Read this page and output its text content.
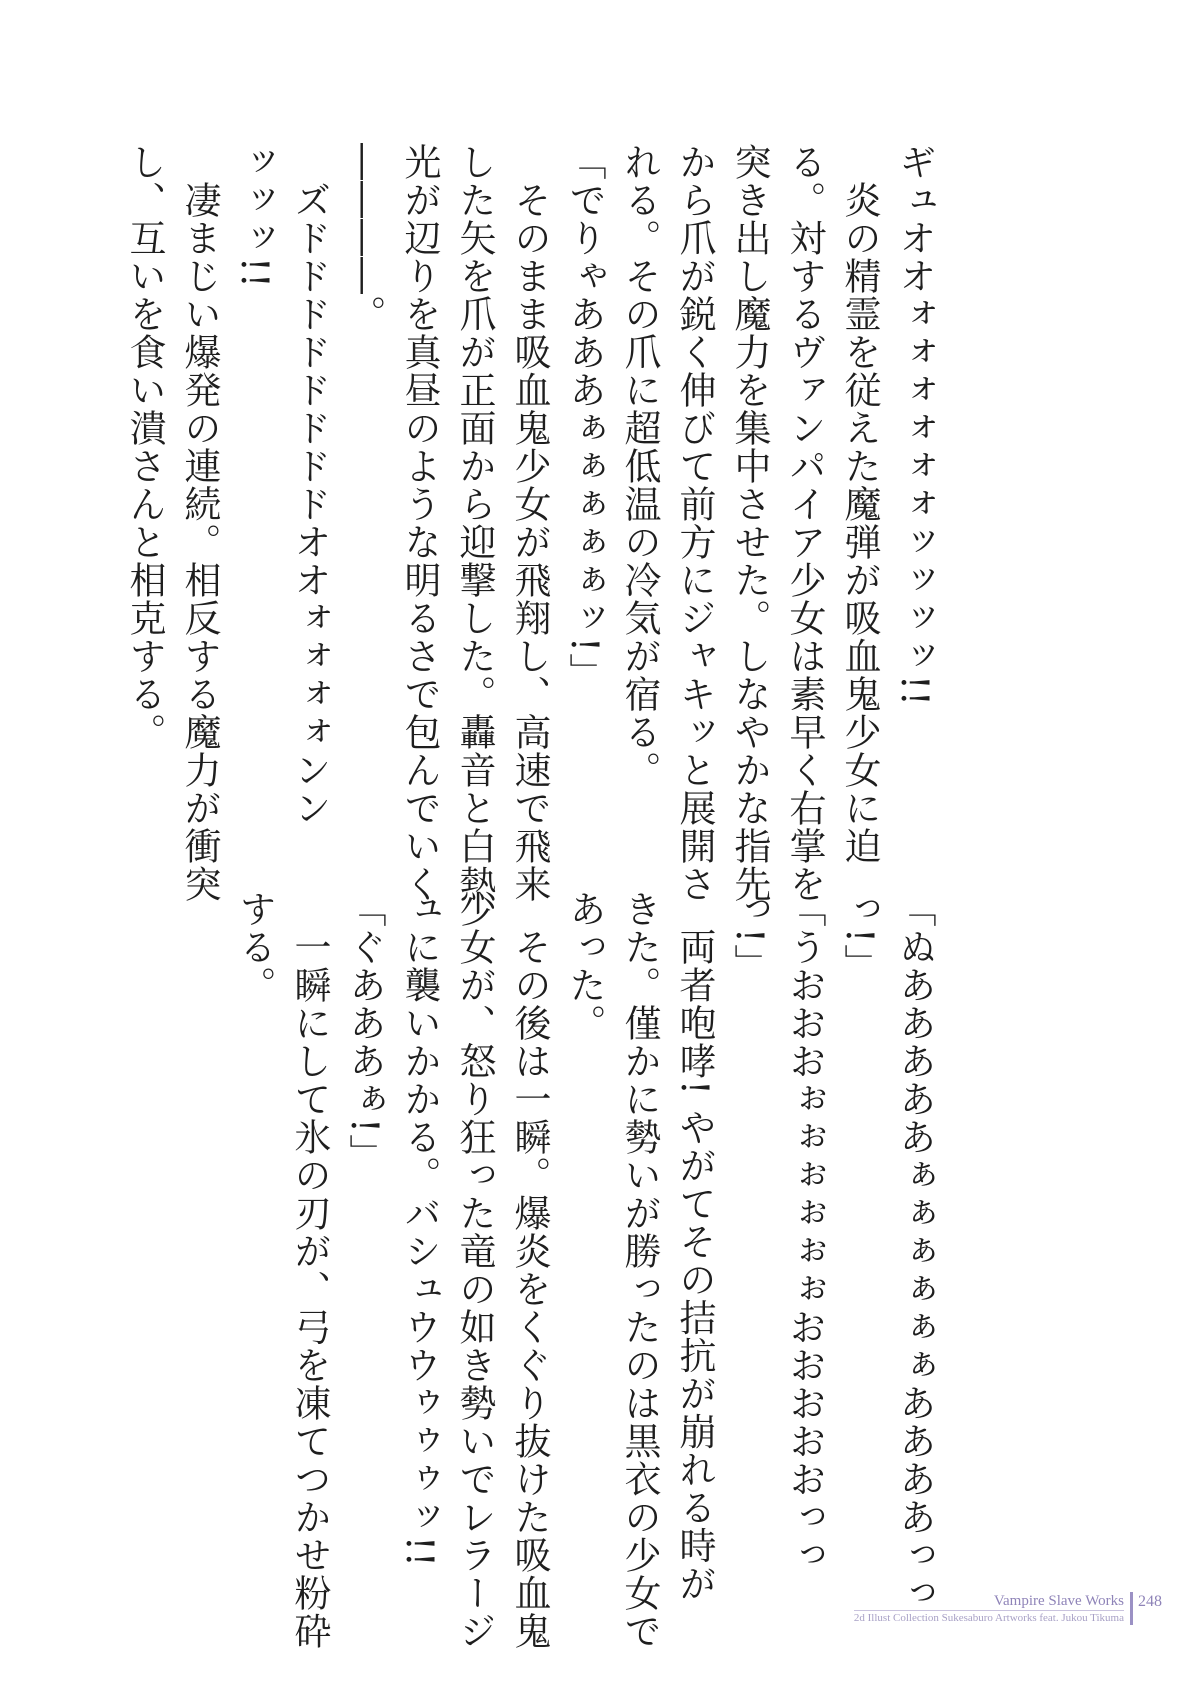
ギュオオォォォォォォッッッッ!!
　炎の精霊を従えた魔弾が吸血鬼少女に迫
る。対するヴァンパイア少女は素早く右掌を
突き出し魔力を集中させた。しなやかな指先
から爪が鋭く伸びて前方にジャキッと展開さ
れる。その爪に超低温の冷気が宿る。
「でりゃあああぁぁぁぁぁッ!」
　そのまま吸血鬼少女が飛翔し、高速で飛来
した矢を爪が正面から迎撃した。轟音と白熱
光が辺りを真昼のような明るさで包んでいく
――――。
　ズドドドドドドドドオオォォォォンン
ッッッ!!
　凄まじい爆発の連続。相反する魔力が衝突
し、互いを食い潰さんと相克する。
「ぬあああああぁぁぁぁぁぁああああっっ
っ!」
「うおおおぉぉぉぉぉぉおおおおおっっ
っ!」
　両者咆哮! やがてその拮抗が崩れる時が
きた。僅かに勢いが勝ったのは黒衣の少女で
あった。
　その後は一瞬。爆炎をくぐり抜けた吸血鬼
少女が、怒り狂った竜の如き勢いでレラージ
ュに襲いかかる。バシュウウゥゥゥッ!!
「ぐあああぁ!」
　一瞬にして氷の刃が、弓を凍てつかせ粉砕
する。
Vampire Slave Works
2d Illust Collection Sukesaburo Artworks feat. Jukou Tikuma
248
